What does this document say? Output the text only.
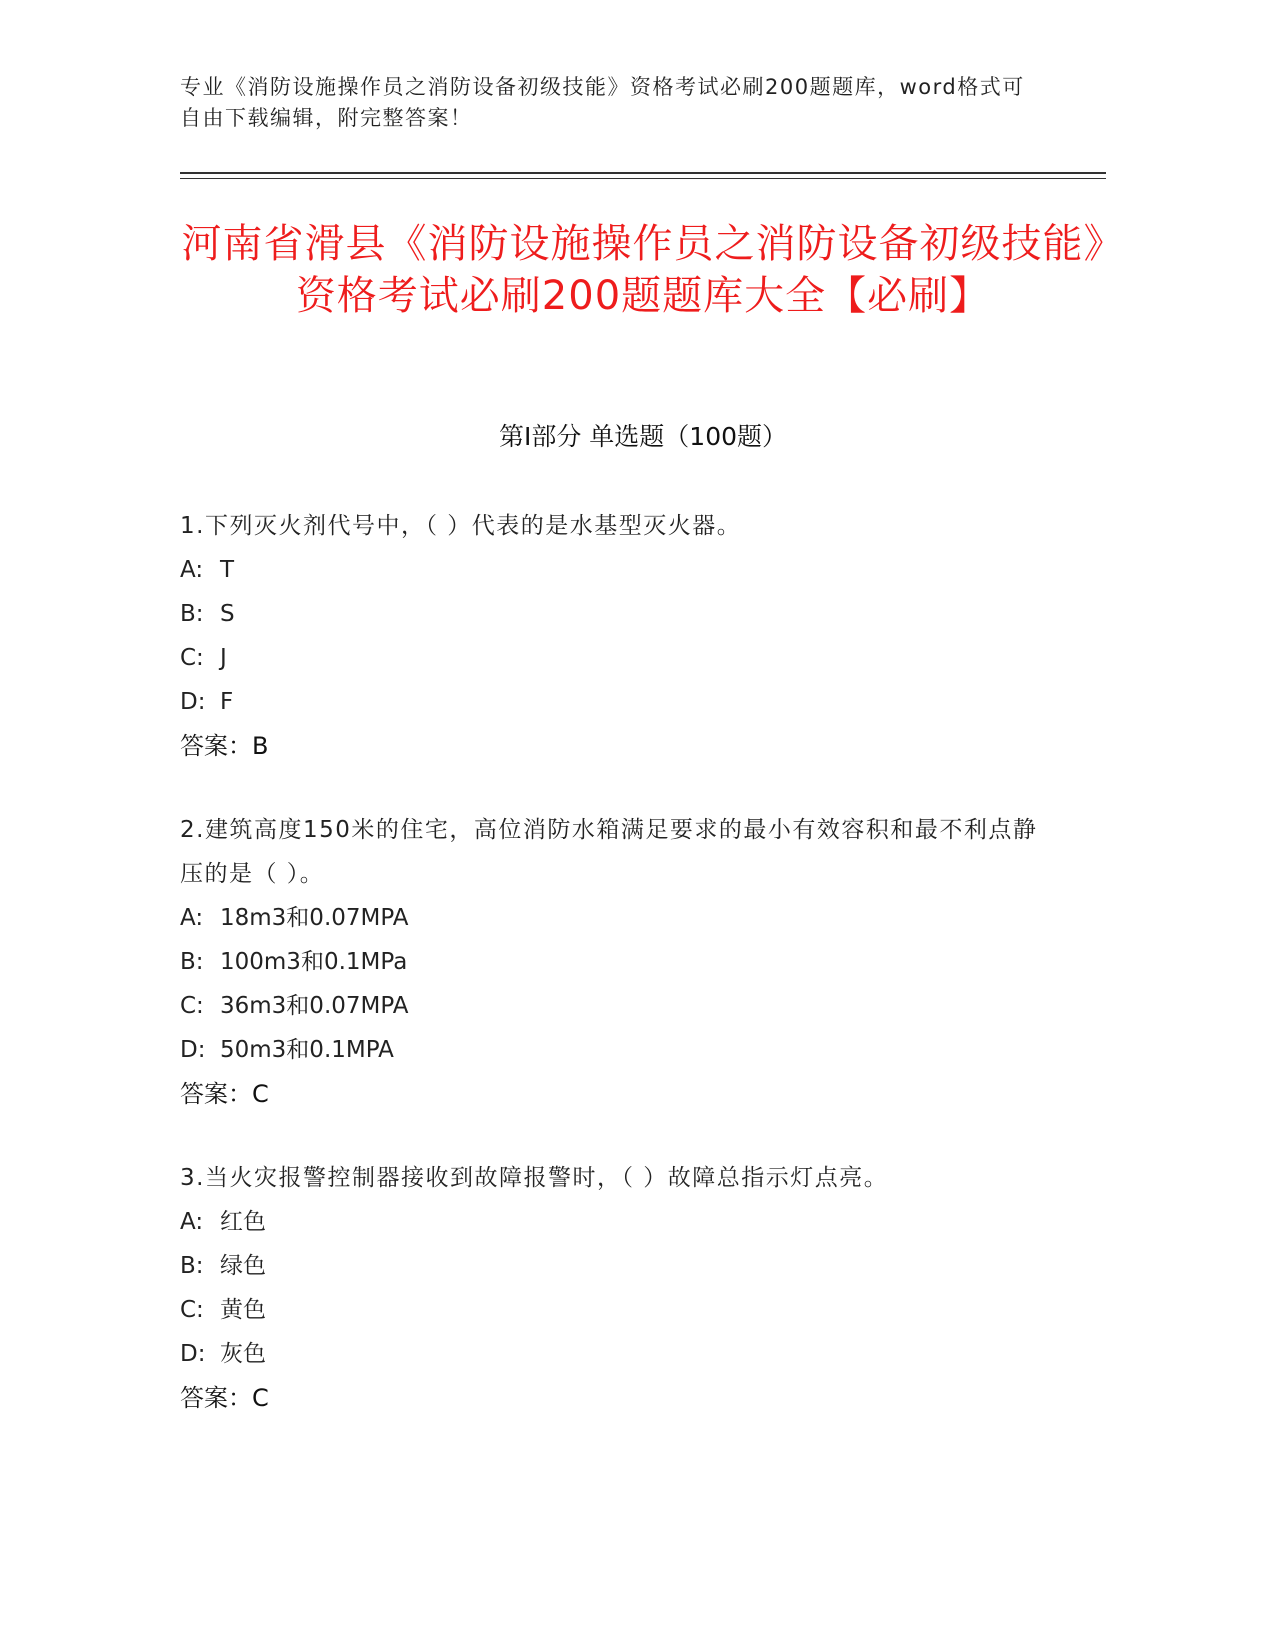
专业《消防设施操作员之消防设备初级技能》资格考试必刷200题题库，word格式可自由下载编辑，附完整答案！
河南省滑县《消防设施操作员之消防设备初级技能》资格考试必刷200题题库大全【必刷】
第I部分 单选题（100题）

1.下列灭火剂代号中，（ ）代表的是水基型灭火器。

A: T

B: S

C: J

D: F

答案：B

2.建筑高度150米的住宅，高位消防水箱满足要求的最小有效容积和最不利点静压的是（ ）。

A: 18m3和0.07MPA

B: 100m3和0.1MPa

C: 36m3和0.07MPA

D: 50m3和0.1MPA

答案：C

3.当火灾报警控制器接收到故障报警时，（ ）故障总指示灯点亮。

A: 红色

B: 绿色

C: 黄色

D: 灰色

答案：C
